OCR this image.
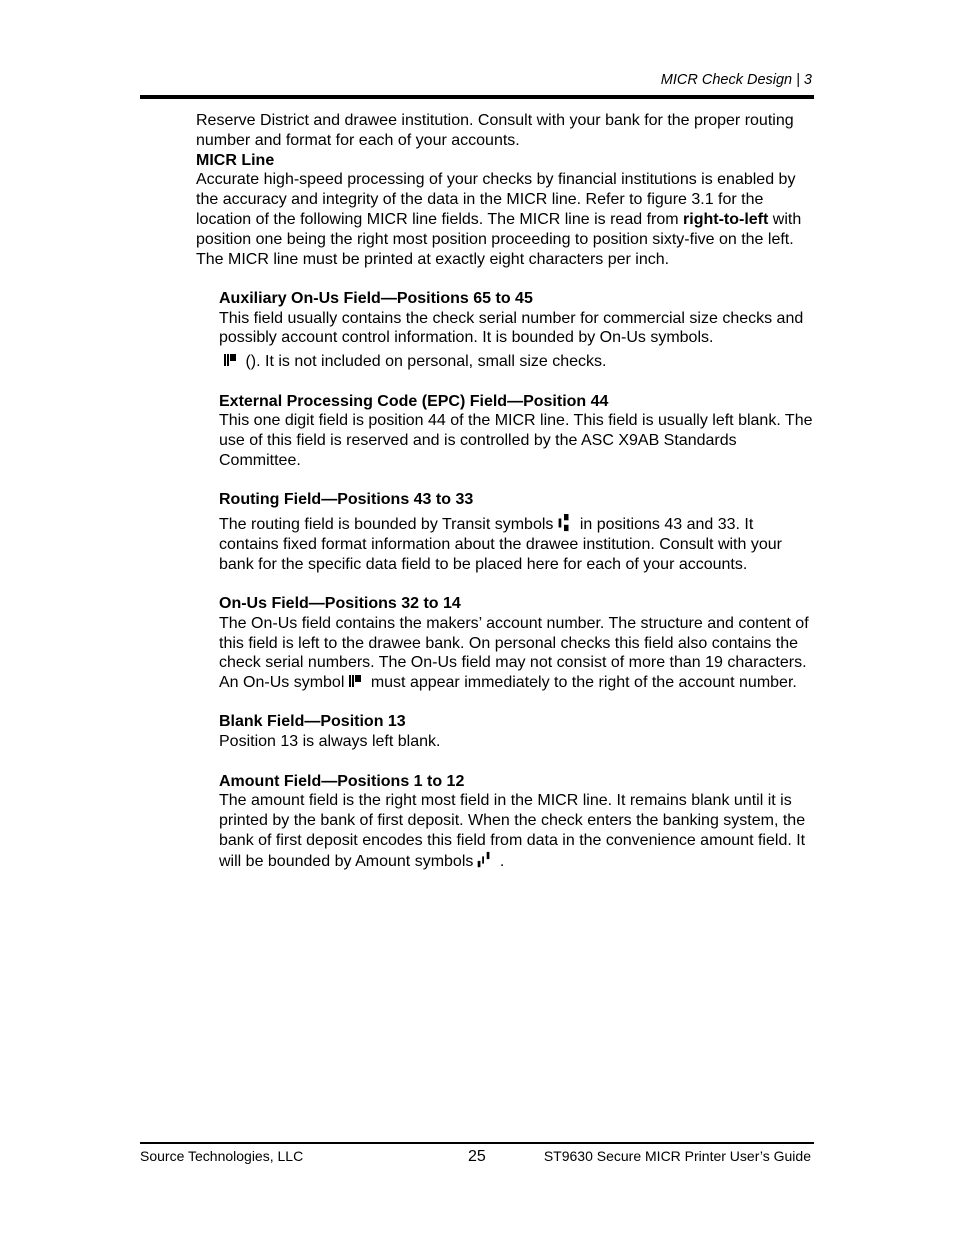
MICR Check Design | 3

Reserve District and drawee institution. Consult with your bank for the proper routing number and format for each of your accounts.

MICR Line

Accurate high-speed processing of your checks by financial institutions is enabled by the accuracy and integrity of the data in the MICR line. Refer to figure 3.1 for the location of the following MICR line fields. The MICR line is read from right-to-left with position one being the right most position proceeding to position sixty-five on the left. The MICR line must be printed at exactly eight characters per inch.

Auxiliary On-Us Field—Positions 65 to 45

This field usually contains the check serial number for commercial size checks and possibly account control information. It is bounded by On-Us symbols.

(). It is not included on personal, small size checks.

External Processing Code (EPC) Field—Position 44

This one digit field is position 44 of the MICR line. This field is usually left blank. The use of this field is reserved and is controlled by the ASC X9AB Standards Committee.

Routing Field—Positions 43 to 33

The routing field is bounded by Transit symbols in positions 43 and 33. It contains fixed format information about the drawee institution. Consult with your bank for the specific data field to be placed here for each of your accounts.

On-Us Field—Positions 32 to 14

The On-Us field contains the makers’ account number. The structure and content of this field is left to the drawee bank. On personal checks this field also contains the check serial numbers. The On-Us field may not consist of more than 19 characters. An On-Us symbol must appear immediately to the right of the account number.

Blank Field—Position 13

Position 13 is always left blank.

Amount Field—Positions 1 to 12

The amount field is the right most field in the MICR line. It remains blank until it is printed by the bank of first deposit. When the check enters the banking system, the bank of first deposit encodes this field from data in the convenience amount field. It will be bounded by Amount symbols .

Source Technologies, LLC	25	ST9630 Secure MICR Printer User’s Guide
